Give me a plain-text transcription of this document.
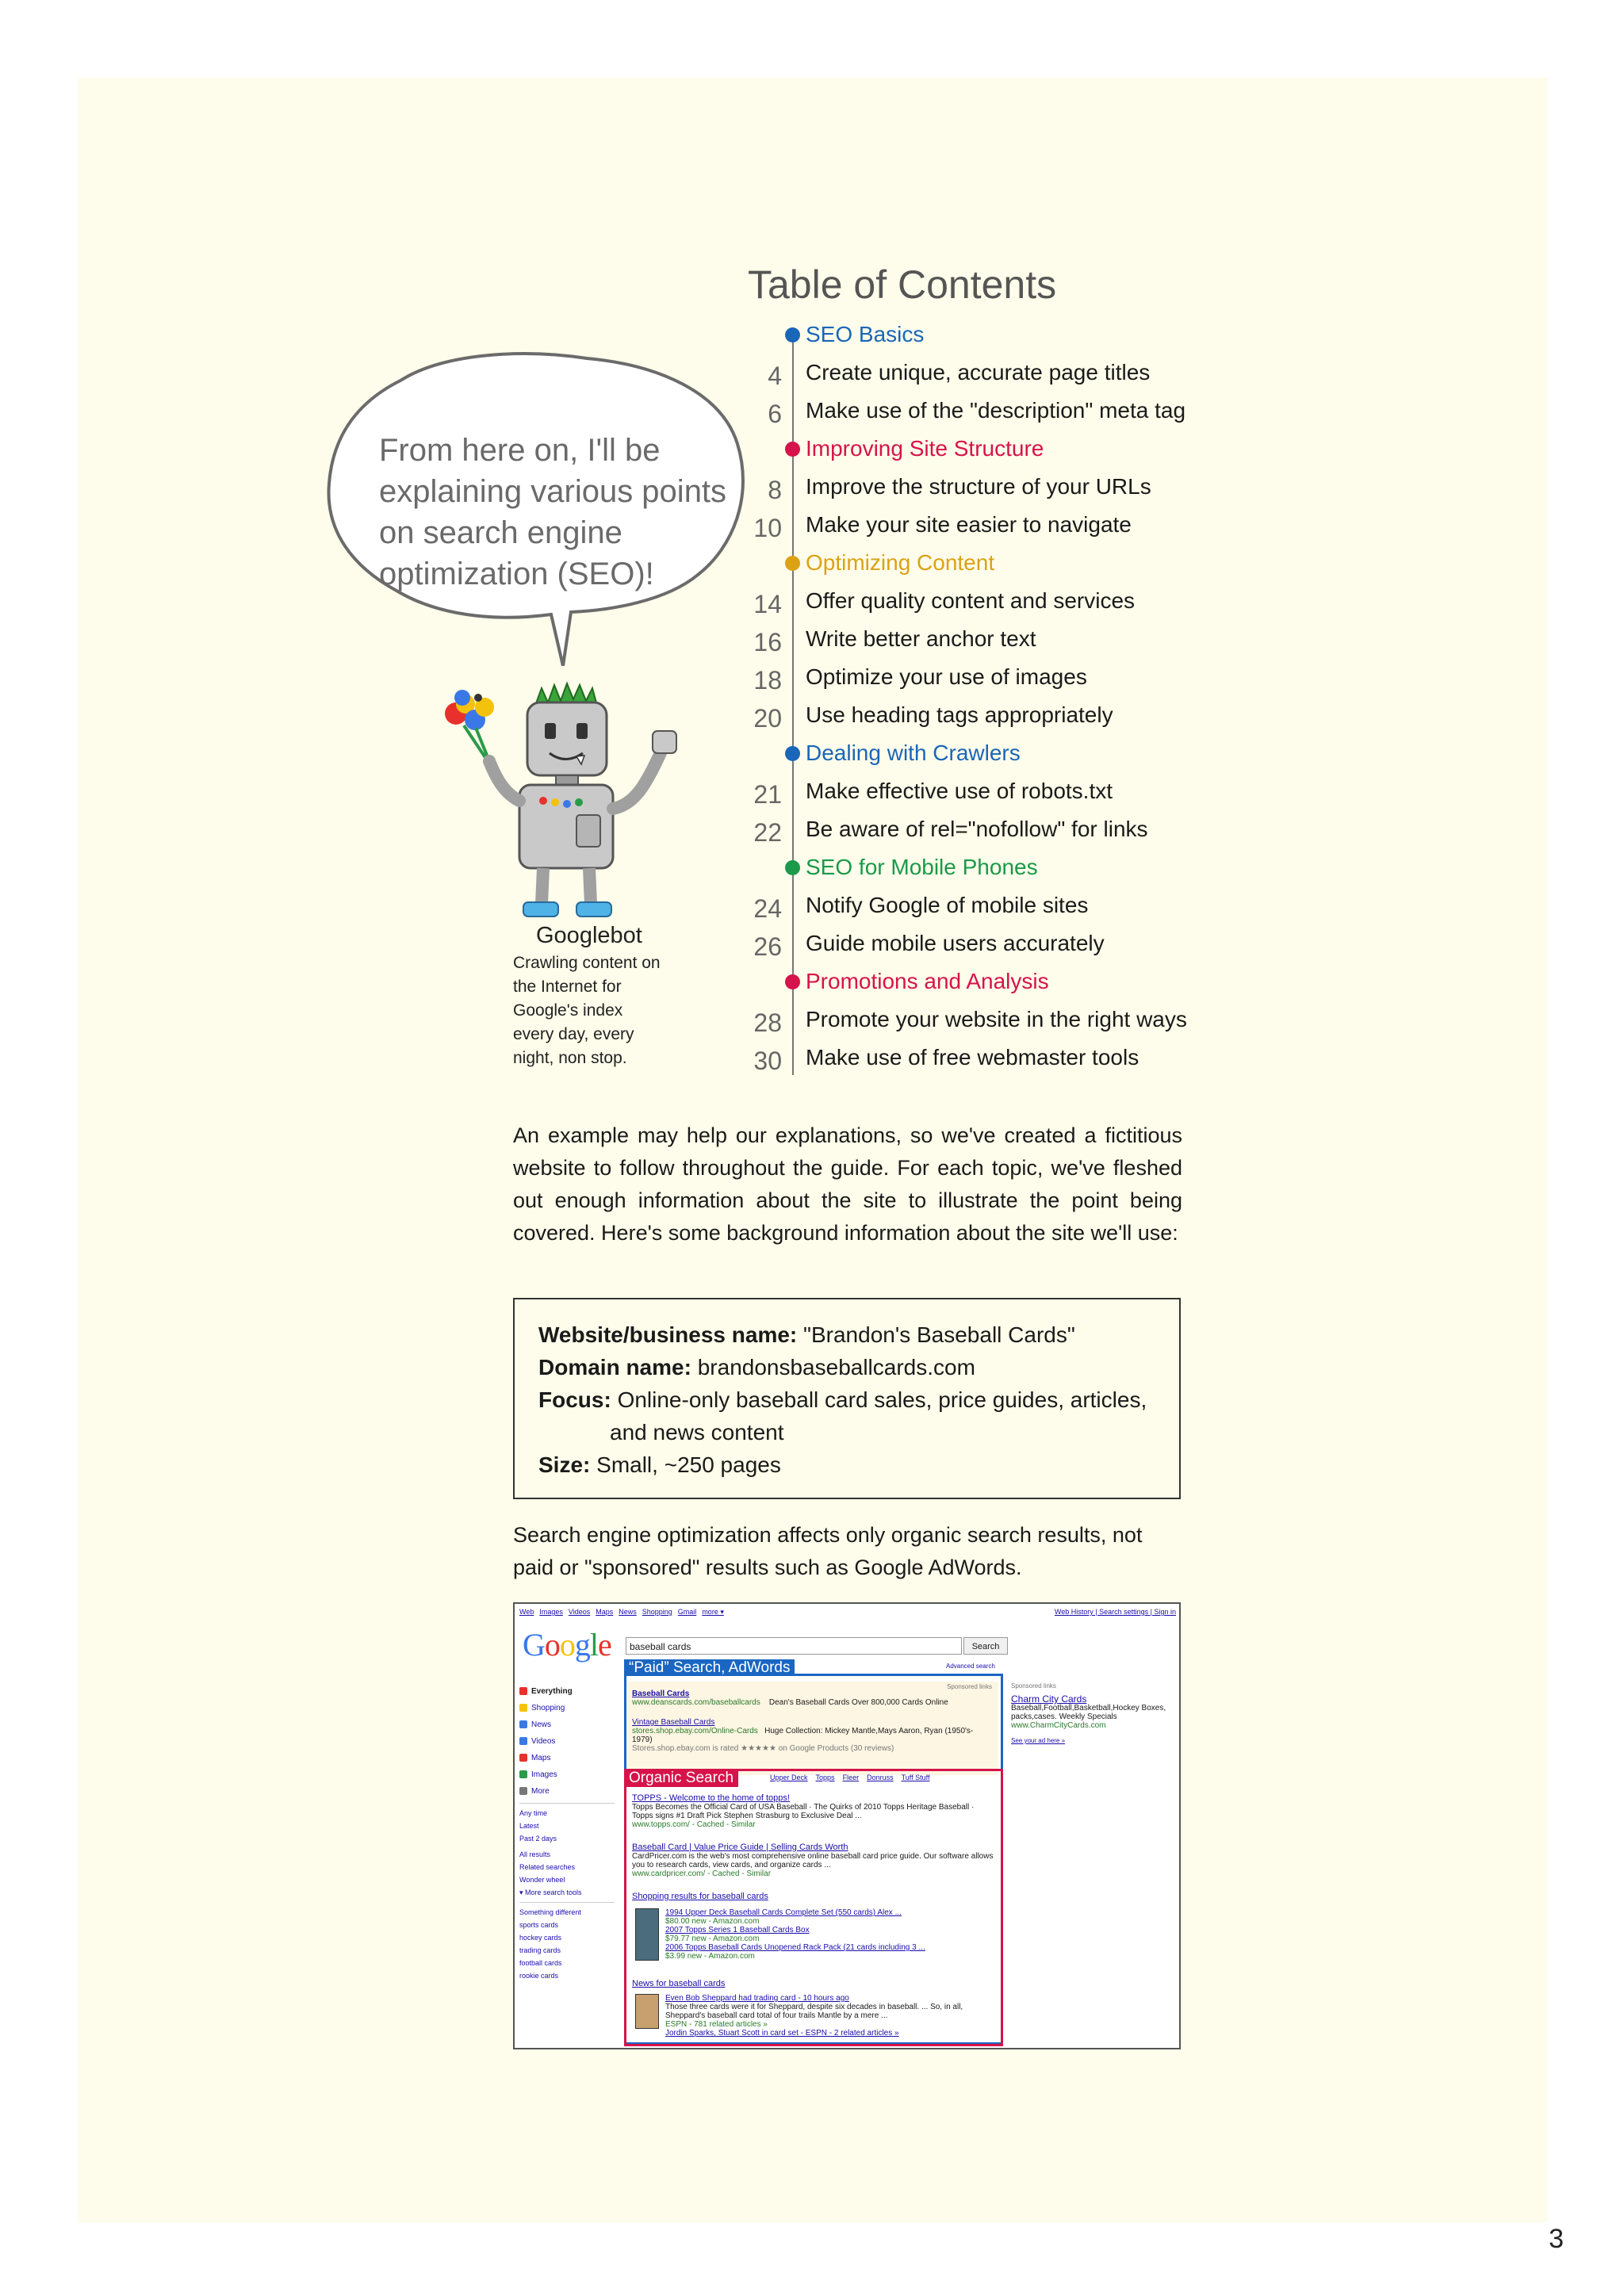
Table of Contents
SEO Basics
4 Create unique, accurate page titles
6 Make use of the "description" meta tag
Improving Site Structure
8 Improve the structure of your URLs
10 Make your site easier to navigate
Optimizing Content
14 Offer quality content and services
16 Write better anchor text
18 Optimize your use of images
20 Use heading tags appropriately
Dealing with Crawlers
21 Make effective use of robots.txt
22 Be aware of rel="nofollow" for links
SEO for Mobile Phones
24 Notify Google of mobile sites
26 Guide mobile users accurately
Promotions and Analysis
28 Promote your website in the right ways
30 Make use of free webmaster tools
From here on, I'll be explaining various points on search engine optimization (SEO)!
Googlebot
Crawling content on the Internet for Google's index every day, every night, non stop.
An example may help our explanations, so we've created a fictitious website to follow throughout the guide. For each topic, we've fleshed out enough information about the site to illustrate the point being covered. Here's some background information about the site we'll use:
Website/business name: "Brandon's Baseball Cards"
Domain name: brandonsbaseballcards.com
Focus: Online-only baseball card sales, price guides, articles,
and news content
Size: Small, ~250 pages
Search engine optimization affects only organic search results, not paid or "sponsored" results such as Google AdWords.
Web Images Videos Maps News Shopping Gmail more ▾	Web History | Search settings | Sign in
Google	baseball cards	Search
Advanced search
Everything
Shopping
News
Videos
Maps
Images
More
Any time
Latest
Past 2 days
All results
Related searches
Wonder wheel
▾ More search tools
Something different
sports cards
hockey cards
trading cards
football cards
rookie cards
Sponsored links
Baseball Cards
www.deanscards.com/baseballcards Dean's Baseball Cards Over 800,000 Cards Online
Vintage Baseball Cards
stores.shop.ebay.com/Online-Cards Huge Collection: Mickey Mantle,Mays Aaron, Ryan (1950's-1979)
Stores.shop.ebay.com is rated ★★★★★ on Google Products (30 reviews)
Sponsored links
Charm City Cards
Baseball,Football,Basketball,Hockey Boxes, packs,cases. Weekly Specials
www.CharmCityCards.com
See your ad here »
“Paid” Search, AdWords
Upper Deck Topps Fleer Donruss Tuff Stuff
TOPPS - Welcome to the home of topps!
Topps Becomes the Official Card of USA Baseball · The Quirks of 2010 Topps Heritage Baseball · Topps signs #1 Draft Pick Stephen Strasburg to Exclusive Deal ...
www.topps.com/ - Cached - Similar
Baseball Card | Value Price Guide | Selling Cards Worth
CardPricer.com is the web's most comprehensive online baseball card price guide. Our software allows you to research cards, view cards, and organize cards ...
www.cardpricer.com/ - Cached - Similar
Shopping results for baseball cards
1994 Upper Deck Baseball Cards Complete Set (550 cards) Alex ...
$80.00 new - Amazon.com
2007 Topps Series 1 Baseball Cards Box
$79.77 new - Amazon.com
2006 Topps Baseball Cards Unopened Rack Pack (21 cards including 3 ...
$3.99 new - Amazon.com
News for baseball cards
Even Bob Sheppard had trading card - 10 hours ago
Those three cards were it for Sheppard, despite six decades in baseball. ... So, in all, Sheppard's baseball card total of four trails Mantle by a mere ...
ESPN - 781 related articles »
Jordin Sparks, Stuart Scott in card set - ESPN - 2 related articles »
Organic Search
3
